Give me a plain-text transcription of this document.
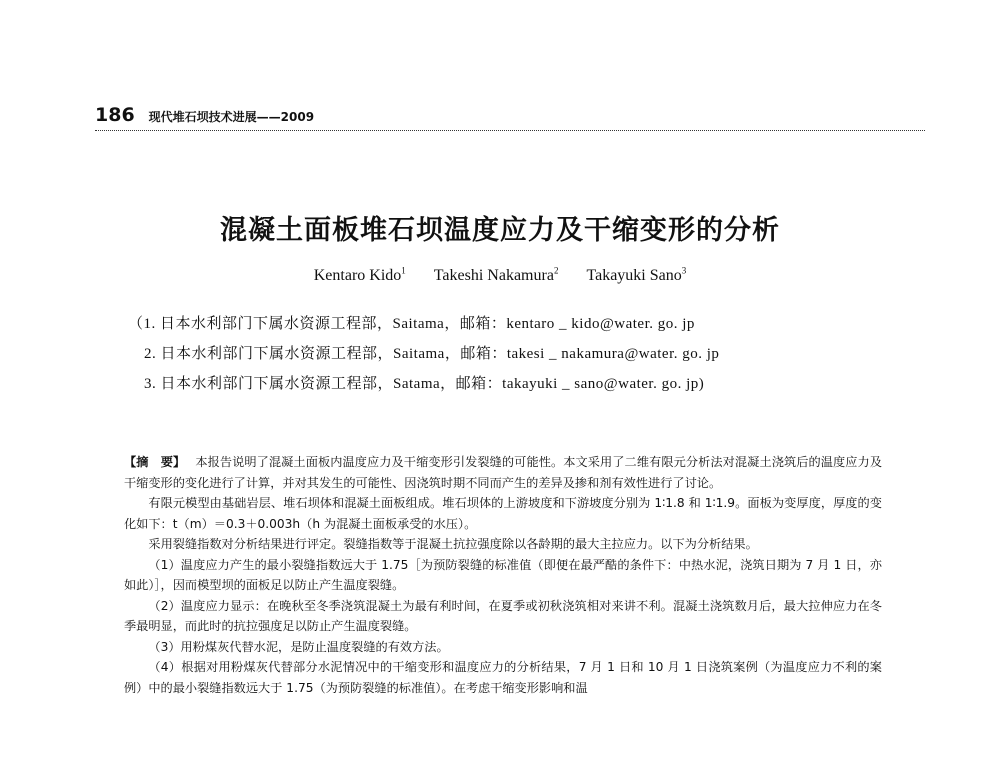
186 现代堆石坝技术进展——2009
混凝土面板堆石坝温度应力及干缩变形的分析
Kentaro Kido$^1$ Takeshi Nakamura$^2$ Takayuki Sano$^3$
（1. 日本水利部门下属水资源工程部，Saitama，邮箱：kentaro _ kido@water. go. jp
2. 日本水利部门下属水资源工程部，Saitama，邮箱：takesi _ nakamura@water. go. jp
3. 日本水利部门下属水资源工程部，Satama，邮箱：takayuki _ sano@water. go. jp)

【摘　要】 本报告说明了混凝土面板内温度应力及干缩变形引发裂缝的可能性。本文采用了二维有限元分析法对混凝土浇筑后的温度应力及干缩变形的变化进行了计算，并对其发生的可能性、因浇筑时期不同而产生的差异及掺和剂有效性进行了讨论。

有限元模型由基础岩层、堆石坝体和混凝土面板组成。堆石坝体的上游坡度和下游坡度分别为 1∶1.8 和 1∶1.9。面板为变厚度，厚度的变化如下：t（m）＝0.3＋0.003h（h 为混凝土面板承受的水压）。

采用裂缝指数对分析结果进行评定。裂缝指数等于混凝土抗拉强度除以各龄期的最大主拉应力。以下为分析结果。

（1）温度应力产生的最小裂缝指数远大于 1.75［为预防裂缝的标准值（即便在最严酷的条件下：中热水泥，浇筑日期为 7 月 1 日，亦如此）］，因而模型坝的面板足以防止产生温度裂缝。

（2）温度应力显示：在晚秋至冬季浇筑混凝土为最有利时间，在夏季或初秋浇筑相对来讲不利。混凝土浇筑数月后，最大拉伸应力在冬季最明显，而此时的抗拉强度足以防止产生温度裂缝。

（3）用粉煤灰代替水泥，是防止温度裂缝的有效方法。

（4）根据对用粉煤灰代替部分水泥情况中的干缩变形和温度应力的分析结果，7 月 1 日和 10 月 1 日浇筑案例（为温度应力不利的案例）中的最小裂缝指数远大于 1.75（为预防裂缝的标准值）。在考虑干缩变形影响和温
